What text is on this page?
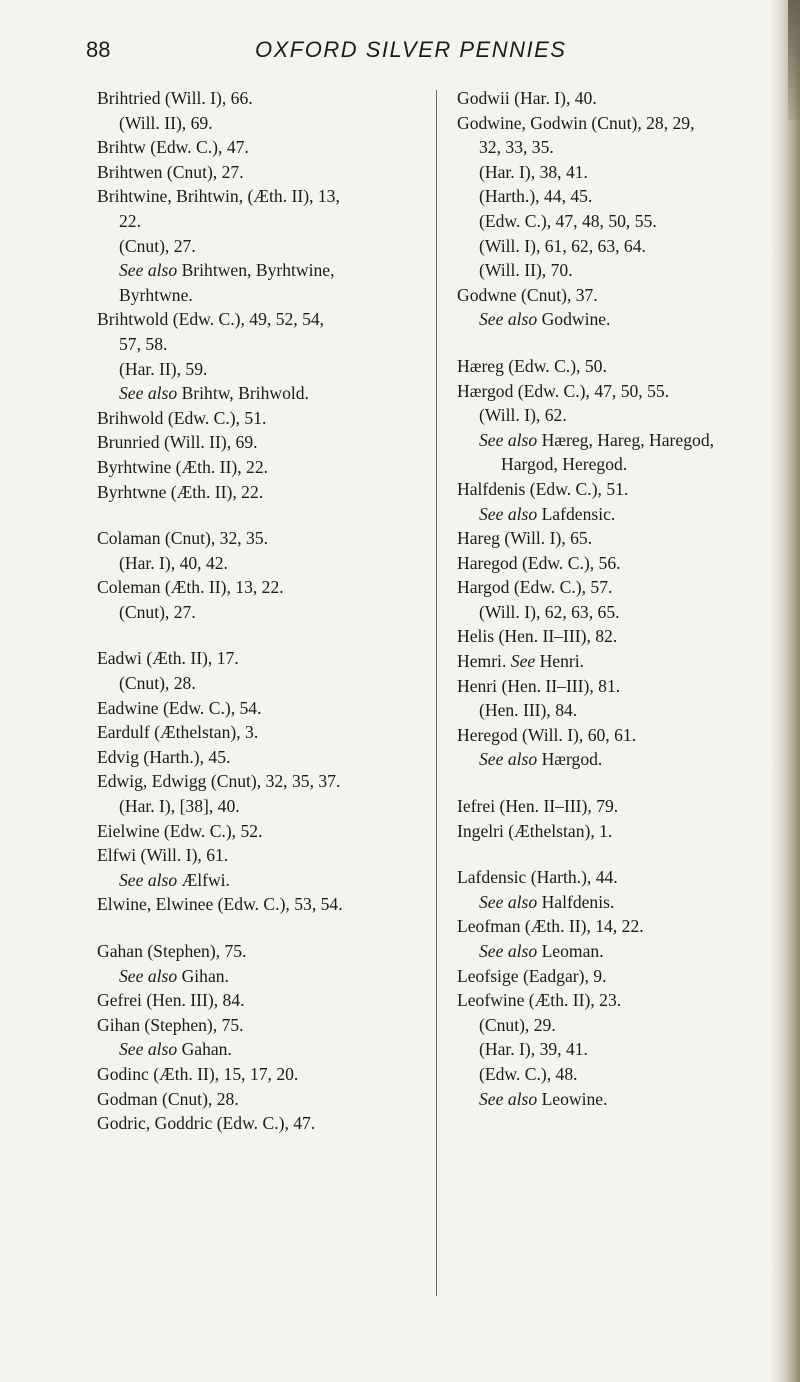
88	OXFORD SILVER PENNIES

Brihtried (Will. I), 66.

(Will. II), 69.

Brihtw (Edw. C.), 47.

Brihtwen (Cnut), 27.

Brihtwine, Brihtwin, (Æth. II), 13,

22.

(Cnut), 27.

See also Brihtwen, Byrhtwine,

Byrhtwne.

Brihtwold (Edw. C.), 49, 52, 54,

57, 58.

(Har. II), 59.

See also Brihtw, Brihwold.

Brihwold (Edw. C.), 51.

Brunried (Will. II), 69.

Byrhtwine (Æth. II), 22.

Byrhtwne (Æth. II), 22.

Colaman (Cnut), 32, 35.

(Har. I), 40, 42.

Coleman (Æth. II), 13, 22.

(Cnut), 27.

Eadwi (Æth. II), 17.

(Cnut), 28.

Eadwine (Edw. C.), 54.

Eardulf (Æthelstan), 3.

Edvig (Harth.), 45.

Edwig, Edwigg (Cnut), 32, 35, 37.

(Har. I), [38], 40.

Eielwine (Edw. C.), 52.

Elfwi (Will. I), 61.

See also Ælfwi.

Elwine, Elwinee (Edw. C.), 53, 54.

Gahan (Stephen), 75.

See also Gihan.

Gefrei (Hen. III), 84.

Gihan (Stephen), 75.

See also Gahan.

Godinc (Æth. II), 15, 17, 20.

Godman (Cnut), 28.

Godric, Goddric (Edw. C.), 47.

Godwii (Har. I), 40.

Godwine, Godwin (Cnut), 28, 29,

32, 33, 35.

(Har. I), 38, 41.

(Harth.), 44, 45.

(Edw. C.), 47, 48, 50, 55.

(Will. I), 61, 62, 63, 64.

(Will. II), 70.

Godwne (Cnut), 37.

See also Godwine.

Hæreg (Edw. C.), 50.

Hærgod (Edw. C.), 47, 50, 55.

(Will. I), 62.

See also Hæreg, Hareg, Haregod,

Hargod, Heregod.

Halfdenis (Edw. C.), 51.

See also Lafdensic.

Hareg (Will. I), 65.

Haregod (Edw. C.), 56.

Hargod (Edw. C.), 57.

(Will. I), 62, 63, 65.

Helis (Hen. II–III), 82.

Hemri. See Henri.

Henri (Hen. II–III), 81.

(Hen. III), 84.

Heregod (Will. I), 60, 61.

See also Hærgod.

Iefrei (Hen. II–III), 79.

Ingelri (Æthelstan), 1.

Lafdensic (Harth.), 44.

See also Halfdenis.

Leofman (Æth. II), 14, 22.

See also Leoman.

Leofsige (Eadgar), 9.

Leofwine (Æth. II), 23.

(Cnut), 29.

(Har. I), 39, 41.

(Edw. C.), 48.

See also Leowine.
